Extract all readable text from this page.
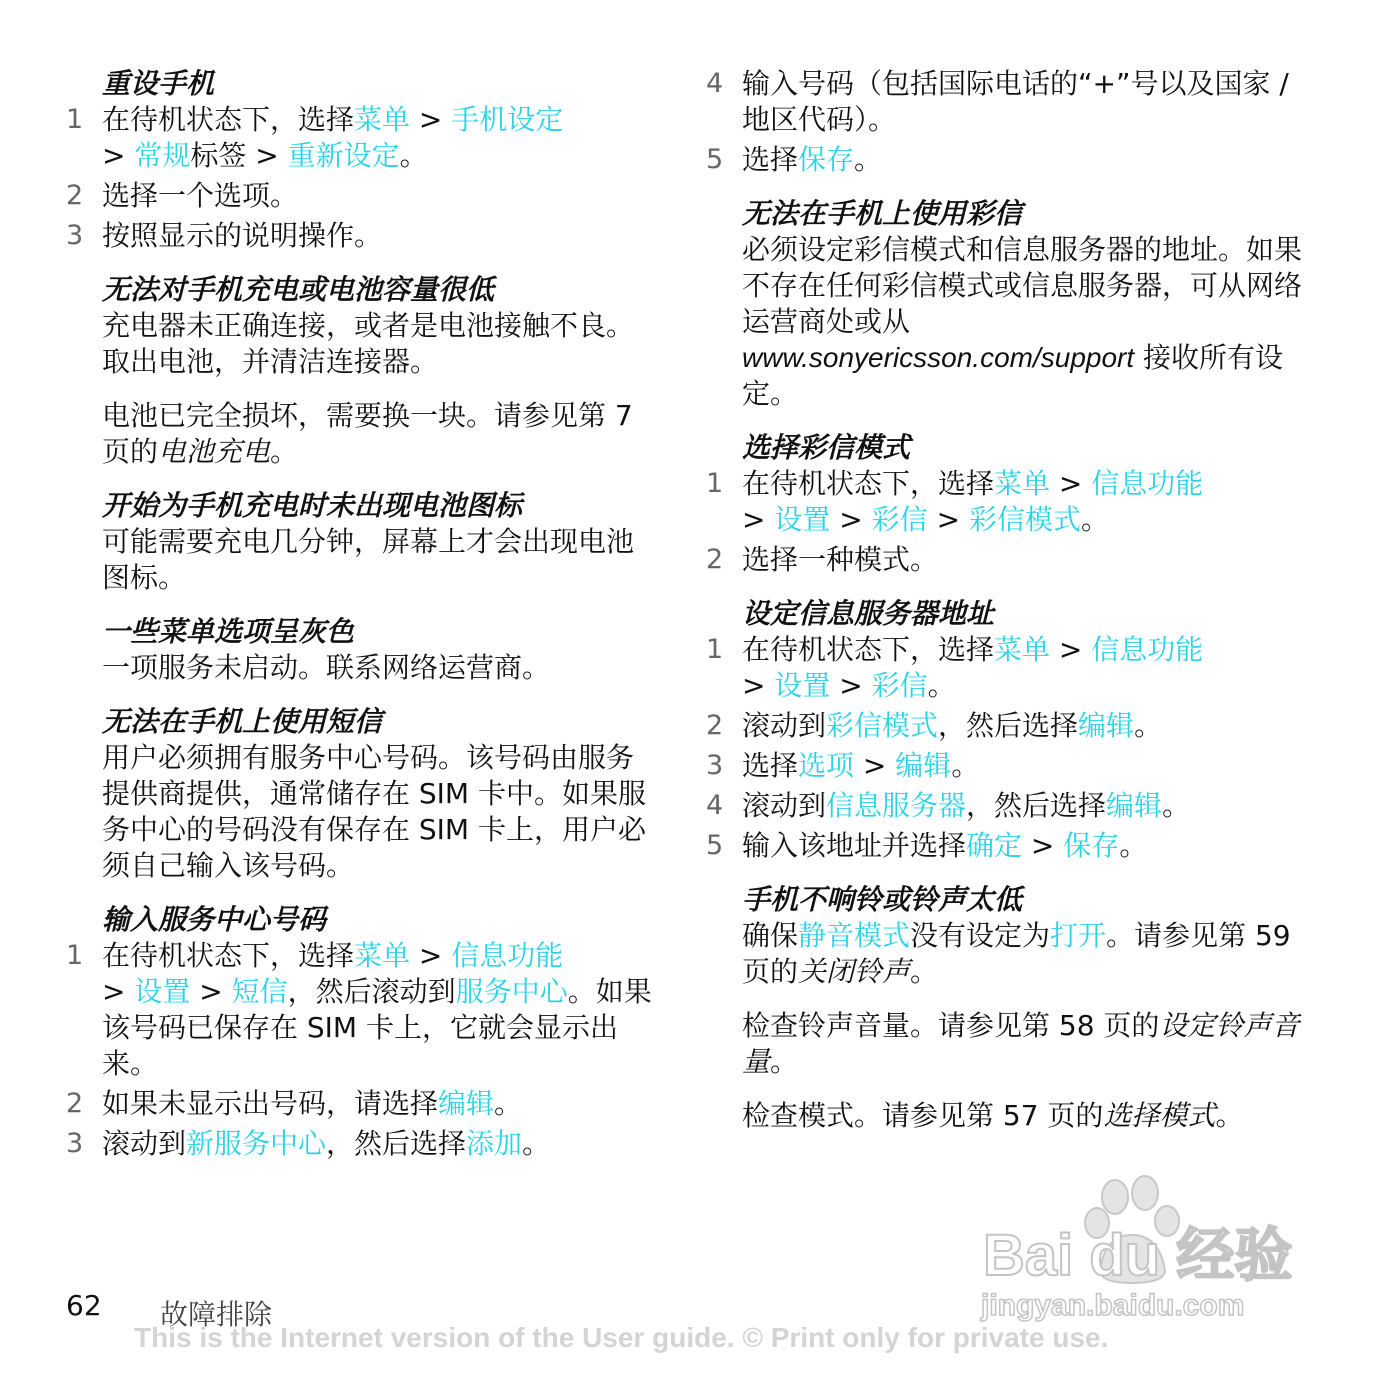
重设手机
1 在待机状态下，选择菜单 > 手机设定
> 常规标签 > 重新设定。
2 选择一个选项。
3 按照显示的说明操作。
无法对手机充电或电池容量很低

充电器未正确连接，或者是电池接触不良。取出电池，并清洁连接器。

电池已完全损坏，需要换一块。请参见第 7 页的电池充电。

开始为手机充电时未出现电池图标

可能需要充电几分钟，屏幕上才会出现电池图标。

一些菜单选项呈灰色

一项服务未启动。联系网络运营商。

无法在手机上使用短信

用户必须拥有服务中心号码。该号码由服务提供商提供，通常储存在 SIM 卡中。如果服务中心的号码没有保存在 SIM 卡上，用户必须自己输入该号码。

输入服务中心号码
1 在待机状态下，选择菜单 > 信息功能
> 设置 > 短信，然后滚动到服务中心。如果该号码已保存在 SIM 卡上，它就会显示出来。
2 如果未显示出号码，请选择编辑。
3 滚动到新服务中心，然后选择添加。
4 输入号码（包括国际电话的“+”号以及国家 / 地区代码）。
5 选择保存。
无法在手机上使用彩信

必须设定彩信模式和信息服务器的地址。如果不存在任何彩信模式或信息服务器，可从网络运营商处或从
www.sonyericsson.com/support 接收所有设定。

选择彩信模式
1 在待机状态下，选择菜单 > 信息功能
> 设置 > 彩信 > 彩信模式。
2 选择一种模式。
设定信息服务器地址
1 在待机状态下，选择菜单 > 信息功能
> 设置 > 彩信。
2 滚动到彩信模式，然后选择编辑。
3 选择选项 > 编辑。
4 滚动到信息服务器，然后选择编辑。
5 输入该地址并选择确定 > 保存。
手机不响铃或铃声太低

确保静音模式没有设定为打开。请参见第 59 页的关闭铃声。

检查铃声音量。请参见第 58 页的设定铃声音量。

检查模式。请参见第 57 页的选择模式。

Bai du 经验
jingyan.baidu.com
62 故障排除
This is the Internet version of the User guide. © Print only for private use.
